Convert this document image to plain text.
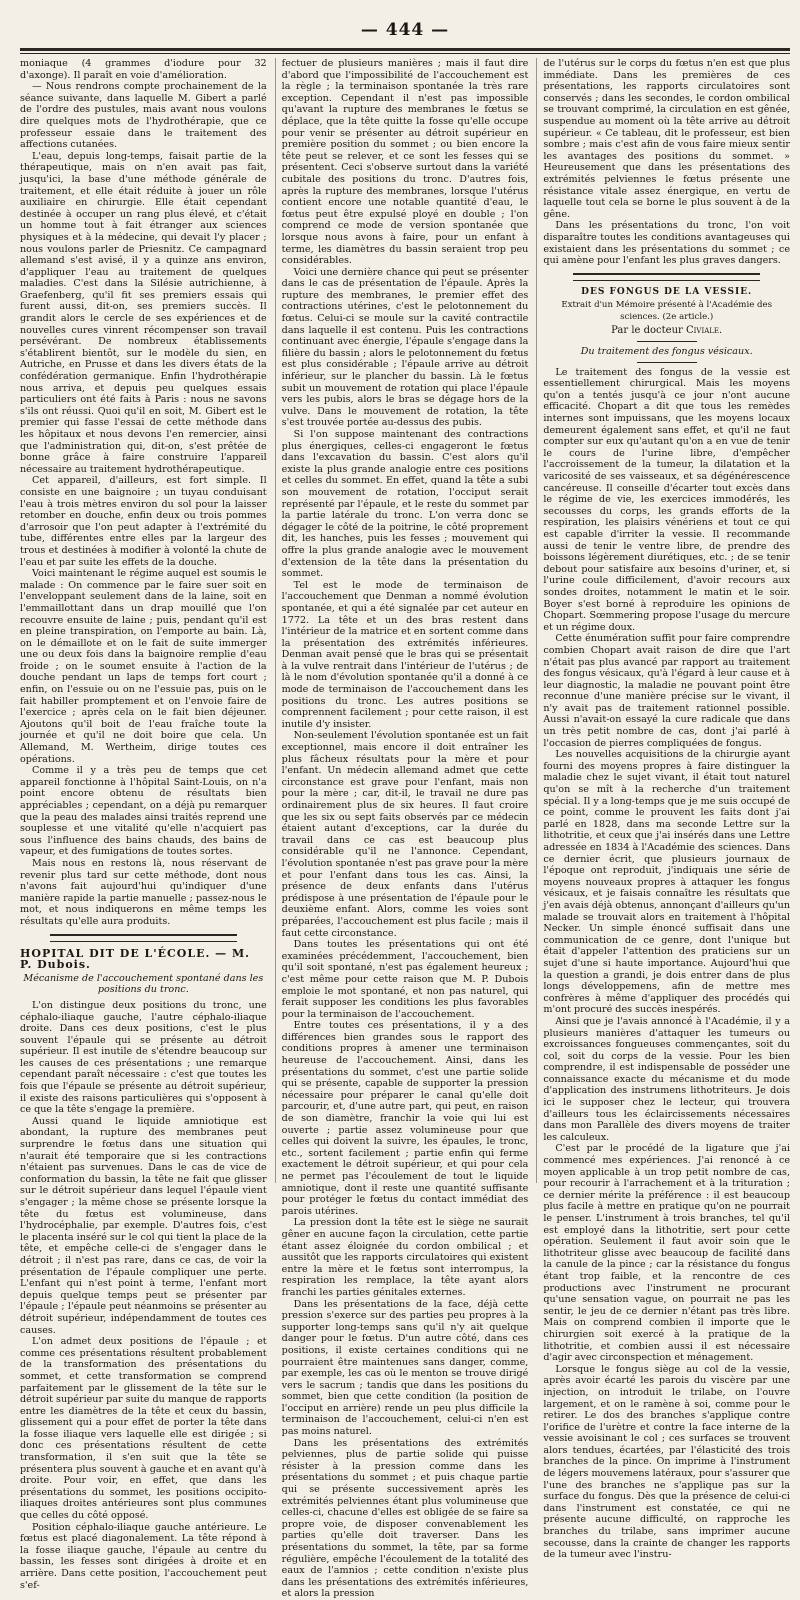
— 444 —

moniaque (4 grammes d'iodure pour 32 d'axonge). Il paraît en voie d'amélioration.

— Nous rendrons compte prochainement de la séance suivante, dans laquelle M. Gibert a parlé de l'ordre des pustules, mais avant nous voulons dire quelques mots de l'hydrothérapie, que ce professeur essaie dans le traitement des affections cutanées.

L'eau, depuis long-temps, faisait partie de la thérapeutique, mais on n'en avait pas fait, jusqu'ici, la base d'une méthode générale de traitement, et elle était réduite à jouer un rôle auxiliaire en chirurgie. Elle était cependant destinée à occuper un rang plus élevé, et c'était un homme tout à fait étranger aux sciences physiques et à la médecine, qui devait l'y placer ; nous voulons parler de Priesnitz. Ce campagnard allemand s'est avisé, il y a quinze ans environ, d'appliquer l'eau au traitement de quelques maladies. C'est dans la Silésie autrichienne, à Graefenberg, qu'il fit ses premiers essais qui furent aussi, dit-on, ses premiers succès. Il grandit alors le cercle de ses expériences et de nouvelles cures vinrent récompenser son travail persévérant. De nombreux établissements s'établirent bientôt, sur le modèle du sien, en Autriche, en Prusse et dans les divers états de la confédération germanique. Enfin l'hydrothérapie nous arriva, et depuis peu quelques essais particuliers ont été faits à Paris : nous ne savons s'ils ont réussi. Quoi qu'il en soit, M. Gibert est le premier qui fasse l'essai de cette méthode dans les hôpitaux et nous devons l'en remercier, ainsi que l'administration qui, dit-on, s'est prêtée de bonne grâce à faire construire l'appareil nécessaire au traitement hydrothérapeutique.

Cet appareil, d'ailleurs, est fort simple. Il consiste en une baignoire ; un tuyau conduisant l'eau à trois mètres environ du sol pour la laisser retomber en douche, enfin deux ou trois pommes d'arrosoir que l'on peut adapter à l'extrémité du tube, différentes entre elles par la largeur des trous et destinées à modifier à volonté la chute de l'eau et par suite les effets de la douche.

Voici maintenant le régime auquel est soumis le malade : On commence par le faire suer soit en l'enveloppant seulement dans de la laine, soit en l'emmaillottant dans un drap mouillé que l'on recouvre ensuite de laine ; puis, pendant qu'il est en pleine transpiration, on l'emporte au bain. Là, on le démaillote et on le fait de suite immerger une ou deux fois dans la baignoire remplie d'eau froide ; on le soumet ensuite à l'action de la douche pendant un laps de temps fort court ; enfin, on l'essuie ou on ne l'essuie pas, puis on le fait habiller promptement et on l'envoie faire de l'exercice ; après cela on le fait bien déjeuner. Ajoutons qu'il boit de l'eau fraîche toute la journée et qu'il ne doit boire que cela. Un Allemand, M. Wertheim, dirige toutes ces opérations.

Comme il y a très peu de temps que cet appareil fonctionne à l'hôpital Saint-Louis, on n'a point encore obtenu de résultats bien appréciables ; cependant, on a déjà pu remarquer que la peau des malades ainsi traités reprend une souplesse et une vitalité qu'elle n'acquiert pas sous l'influence des bains chauds, des bains de vapeur, et des fumigations de toutes sortes.

Mais nous en restons là, nous réservant de revenir plus tard sur cette méthode, dont nous n'avons fait aujourd'hui qu'indiquer d'une manière rapide la partie manuelle ; passez-nous le mot, et nous indiquerons en même temps les résultats qu'elle aura produits.

HOPITAL DIT DE L'ÉCOLE. — M. P. Dubois.
Mécanisme de l'accouchement spontané dans les positions du tronc.

L'on distingue deux positions du tronc, une céphalo-iliaque gauche, l'autre céphalo-iliaque droite. Dans ces deux positions, c'est le plus souvent l'épaule qui se présente au détroit supérieur. Il est inutile de s'étendre beaucoup sur les causes de ces présentations ; une remarque cependant paraît nécessaire : c'est que toutes les fois que l'épaule se présente au détroit supérieur, il existe des raisons particulières qui s'opposent à ce que la tête s'engage la première.

Aussi quand le liquide amniotique est abondant, la rupture des membranes peut surprendre le fœtus dans une situation qui n'aurait été temporaire que si les contractions n'étaient pas survenues. Dans le cas de vice de conformation du bassin, la tête ne fait que glisser sur le détroit supérieur dans lequel l'épaule vient s'engager ; la même chose se présente lorsque la tête du fœtus est volumineuse, dans l'hydrocéphalie, par exemple. D'autres fois, c'est le placenta inséré sur le col qui tient la place de la tête, et empêche celle-ci de s'engager dans le détroit ; il n'est pas rare, dans ce cas, de voir la présentation de l'épaule compliquer une perte. L'enfant qui n'est point à terme, l'enfant mort depuis quelque temps peut se présenter par l'épaule ; l'épaule peut néanmoins se présenter au détroit supérieur, indépendamment de toutes ces causes.

L'on admet deux positions de l'épaule ; et comme ces présentations résultent probablement de la transformation des présentations du sommet, et cette transformation se comprend parfaitement par le glissement de la tête sur le détroit supérieur par suite du manque de rapports entre les diamètres de la tête et ceux du bassin, glissement qui a pour effet de porter la tête dans la fosse iliaque vers laquelle elle est dirigée ; si donc ces présentations résultent de cette transformation, il s'en suit que la tête se présentera plus souvent à gauche et en avant qu'à droite. Pour voir, en effet, que dans les présentations du sommet, les positions occipito-iliaques droites antérieures sont plus communes que celles du côté opposé.

Position céphalo-iliaque gauche antérieure. Le fœtus est placé diagonalement. La tête répond à la fosse iliaque gauche, l'épaule au centre du bassin, les fesses sont dirigées à droite et en arrière. Dans cette position, l'accouchement peut s'ef-

fectuer de plusieurs manières ; mais il faut dire d'abord que l'impossibilité de l'accouchement est la règle ; la terminaison spontanée la très rare exception. Cependant il n'est pas impossible qu'avant la rupture des membranes le fœtus se déplace, que la tête quitte la fosse qu'elle occupe pour venir se présenter au détroit supérieur en première position du sommet ; ou bien encore la tête peut se relever, et ce sont les fesses qui se présentent. Ceci s'observe surtout dans la variété cubitale des positions du tronc. D'autres fois, après la rupture des membranes, lorsque l'utérus contient encore une notable quantité d'eau, le fœtus peut être expulsé ployé en double ; l'on comprend ce mode de version spontanée que lorsque nous avons à faire, pour un enfant à terme, les diamètres du bassin seraient trop peu considérables.

Voici une dernière chance qui peut se présenter dans le cas de présentation de l'épaule. Après la rupture des membranes, le premier effet des contractions utérines, c'est le pelotonnement du fœtus. Celui-ci se moule sur la cavité contractile dans laquelle il est contenu. Puis les contractions continuant avec énergie, l'épaule s'engage dans la filière du bassin ; alors le pelotonnement du fœtus est plus considérable ; l'épaule arrive au détroit inférieur, sur le plancher du bassin. Là le fœtus subit un mouvement de rotation qui place l'épaule vers les pubis, alors le bras se dégage hors de la vulve. Dans le mouvement de rotation, la tête s'est trouvée portée au-dessus des pubis.

Si l'on suppose maintenant des contractions plus énergiques, celles-ci engageront le fœtus dans l'excavation du bassin. C'est alors qu'il existe la plus grande analogie entre ces positions et celles du sommet. En effet, quand la tête a subi son mouvement de rotation, l'occiput serait représenté par l'épaule, et le reste du sommet par la partie latérale du tronc. L'on verra donc se dégager le côté de la poitrine, le côté proprement dit, les hanches, puis les fesses ; mouvement qui offre la plus grande analogie avec le mouvement d'extension de la tête dans la présentation du sommet.

Tel est le mode de terminaison de l'accouchement que Denman a nommé évolution spontanée, et qui a été signalée par cet auteur en 1772. La tête et un des bras restent dans l'intérieur de la matrice et en sortent comme dans la présentation des extrémités inférieures. Denman avait pensé que le bras qui se présentait à la vulve rentrait dans l'intérieur de l'utérus ; de là le nom d'évolution spontanée qu'il a donné à ce mode de terminaison de l'accouchement dans les positions du tronc. Les autres positions se comprennent facilement ; pour cette raison, il est inutile d'y insister.

Non-seulement l'évolution spontanée est un fait exceptionnel, mais encore il doit entraîner les plus fâcheux résultats pour la mère et pour l'enfant. Un médecin allemand admet que cette circonstance est grave pour l'enfant, mais non pour la mère ; car, dit-il, le travail ne dure pas ordinairement plus de six heures. Il faut croire que les six ou sept faits observés par ce médecin étaient autant d'exceptions, car la durée du travail dans ce cas est beaucoup plus considérable qu'il ne l'annonce. Cependant, l'évolution spontanée n'est pas grave pour la mère et pour l'enfant dans tous les cas. Ainsi, la présence de deux enfants dans l'utérus prédispose à une présentation de l'épaule pour le deuxième enfant. Alors, comme les voies sont préparées, l'accouchement est plus facile ; mais il faut cette circonstance.

Dans toutes les présentations qui ont été examinées précédemment, l'accouchement, bien qu'il soit spontané, n'est pas également heureux ; c'est même pour cette raison que M. P. Dubois emploie le mot spontané, et non pas naturel, qui ferait supposer les conditions les plus favorables pour la terminaison de l'accouchement.

Entre toutes ces présentations, il y a des différences bien grandes sous le rapport des conditions propres à amener une terminaison heureuse de l'accouchement. Ainsi, dans les présentations du sommet, c'est une partie solide qui se présente, capable de supporter la pression nécessaire pour préparer le canal qu'elle doit parcourir, et, d'une autre part, qui peut, en raison de son diamètre, franchir la voie qui lui est ouverte ; partie assez volumineuse pour que celles qui doivent la suivre, les épaules, le tronc, etc., sortent facilement ; partie enfin qui ferme exactement le détroit supérieur, et qui pour cela ne permet pas l'écoulement de tout le liquide amniotique, dont il reste une quantité suffisante pour protéger le fœtus du contact immédiat des parois utérines.

La pression dont la tête est le siège ne saurait gêner en aucune façon la circulation, cette partie étant assez éloignée du cordon ombilical ; et aussitôt que les rapports circulatoires qui existent entre la mère et le fœtus sont interrompus, la respiration les remplace, la tête ayant alors franchi les parties génitales externes.

Dans les présentations de la face, déjà cette pression s'exerce sur des parties peu propres à la supporter long-temps sans qu'il n'y ait quelque danger pour le fœtus. D'un autre côté, dans ces positions, il existe certaines conditions qui ne pourraient être maintenues sans danger, comme, par exemple, les cas où le menton se trouve dirigé vers le sacrum ; tandis que dans les positions du sommet, bien que cette condition (la position de l'occiput en arrière) rende un peu plus difficile la terminaison de l'accouchement, celui-ci n'en est pas moins naturel.

Dans les présentations des extrémités pelviennes, plus de partie solide qui puisse résister à la pression comme dans les présentations du sommet ; et puis chaque partie qui se présente successivement après les extrémités pelviennes étant plus volumineuse que celles-ci, chacune d'elles est obligée de se faire sa propre voie, de disposer convenablement les parties qu'elle doit traverser. Dans les présentations du sommet, la tête, par sa forme régulière, empêche l'écoulement de la totalité des eaux de l'amnios ; cette condition n'existe plus dans les présentations des extrémités inférieures, et alors la pression

de l'utérus sur le corps du fœtus n'en est que plus immédiate. Dans les premières de ces présentations, les rapports circulatoires sont conservés ; dans les secondes, le cordon ombilical se trouvant comprimé, la circulation en est gênée, suspendue au moment où la tête arrive au détroit supérieur. « Ce tableau, dit le professeur, est bien sombre ; mais c'est afin de vous faire mieux sentir les avantages des positions du sommet. » Heureusement que dans les présentations des extrémités pelviennes le fœtus présente une résistance vitale assez énergique, en vertu de laquelle tout cela se borne le plus souvent à de la gêne.

Dans les présentations du tronc, l'on voit disparaître toutes les conditions avantageuses qui existaient dans les présentations du sommet ; ce qui amène pour l'enfant les plus graves dangers.

DES FONGUS DE LA VESSIE.
Extrait d'un Mémoire présenté à l'Académie des sciences. (2e article.)
Par le docteur Civiale.
Du traitement des fongus vésicaux.

Le traitement des fongus de la vessie est essentiellement chirurgical. Mais les moyens qu'on a tentés jusqu'à ce jour n'ont aucune efficacité. Chopart a dit que tous les remèdes internes sont impuissans, que les moyens locaux demeurent également sans effet, et qu'il ne faut compter sur eux qu'autant qu'on a en vue de tenir le cours de l'urine libre, d'empêcher l'accroissement de la tumeur, la dilatation et la varicosité de ses vaisseaux, et sa dégénérescence cancéreuse. Il conseille d'écarter tout excès dans le régime de vie, les exercices immodérés, les secousses du corps, les grands efforts de la respiration, les plaisirs vénériens et tout ce qui est capable d'irriter la vessie. Il recommande aussi de tenir le ventre libre, de prendre des boissons légèrement diurétiques, etc. ; de se tenir debout pour satisfaire aux besoins d'uriner, et, si l'urine coule difficilement, d'avoir recours aux sondes droites, notamment le matin et le soir. Boyer s'est borné à reproduire les opinions de Chopart. Sœmmering propose l'usage du mercure et un régime doux.

Cette énumération suffit pour faire comprendre combien Chopart avait raison de dire que l'art n'était pas plus avancé par rapport au traitement des fongus vésicaux, qu'à l'égard à leur cause et à leur diagnostic, la maladie ne pouvant point être reconnue d'une manière précise sur le vivant, il n'y avait pas de traitement rationnel possible. Aussi n'avait-on essayé la cure radicale que dans un très petit nombre de cas, dont j'ai parlé à l'occasion de pierres compliquées de fongus.

Les nouvelles acquisitions de la chirurgie ayant fourni des moyens propres à faire distinguer la maladie chez le sujet vivant, il était tout naturel qu'on se mît à la recherche d'un traitement spécial. Il y a long-temps que je me suis occupé de ce point, comme le prouvent les faits dont j'ai parlé en 1828, dans ma seconde Lettre sur la lithotritie, et ceux que j'ai insérés dans une Lettre adressée en 1834 à l'Académie des sciences. Dans ce dernier écrit, que plusieurs journaux de l'époque ont reproduit, j'indiquais une série de moyens nouveaux propres à attaquer les fongus vésicaux, et je faisais connaître les résultats que j'en avais déjà obtenus, annonçant d'ailleurs qu'un malade se trouvait alors en traitement à l'hôpital Necker. Un simple énoncé suffisait dans une communication de ce genre, dont l'unique but était d'appeler l'attention des praticiens sur un sujet d'une si haute importance. Aujourd'hui que la question a grandi, je dois entrer dans de plus longs développemens, afin de mettre mes confrères à même d'appliquer des procédés qui m'ont procuré des succès inespérés.

Ainsi que je l'avais annoncé à l'Académie, il y a plusieurs manières d'attaquer les tumeurs ou excroissances fongueuses commençantes, soit du col, soit du corps de la vessie. Pour les bien comprendre, il est indispensable de posséder une connaissance exacte du mécanisme et du mode d'application des instrumens lithotriteurs. Je dois ici le supposer chez le lecteur, qui trouvera d'ailleurs tous les éclaircissements nécessaires dans mon Parallèle des divers moyens de traiter les calculeux.

C'est par le procédé de la ligature que j'ai commencé mes expériences. J'ai renoncé à ce moyen applicable à un trop petit nombre de cas, pour recourir à l'arrachement et à la trituration ; ce dernier mérite la préférence : il est beaucoup plus facile à mettre en pratique qu'on ne pourrait le penser. L'instrument à trois branches, tel qu'il est employé dans la lithotritie, sert pour cette opération. Seulement il faut avoir soin que le lithotriteur glisse avec beaucoup de facilité dans la canule de la pince ; car la résistance du fongus étant trop faible, et la rencontre de ces productions avec l'instrument ne procurant qu'une sensation vague, on pourrait ne pas les sentir, le jeu de ce dernier n'étant pas très libre. Mais on comprend combien il importe que le chirurgien soit exercé à la pratique de la lithotritie, et combien aussi il est nécessaire d'agir avec circonspection et ménagement.

Lorsque le fongus siège au col de la vessie, après avoir écarté les parois du viscère par une injection, on introduit le trilabe, on l'ouvre largement, et on le ramène à soi, comme pour le retirer. Le dos des branches s'applique contre l'orifice de l'urètre et contre la face interne de la vessie avoisinant le col ; ces surfaces se trouvent alors tendues, écartées, par l'élasticité des trois branches de la pince. On imprime à l'instrument de légers mouvemens latéraux, pour s'assurer que l'une des branches ne s'applique pas sur la surface du fongus. Dès que la présence de celui-ci dans l'instrument est constatée, ce qui ne présente aucune difficulté, on rapproche les branches du trilabe, sans imprimer aucune secousse, dans la crainte de changer les rapports de la tumeur avec l'instru-
